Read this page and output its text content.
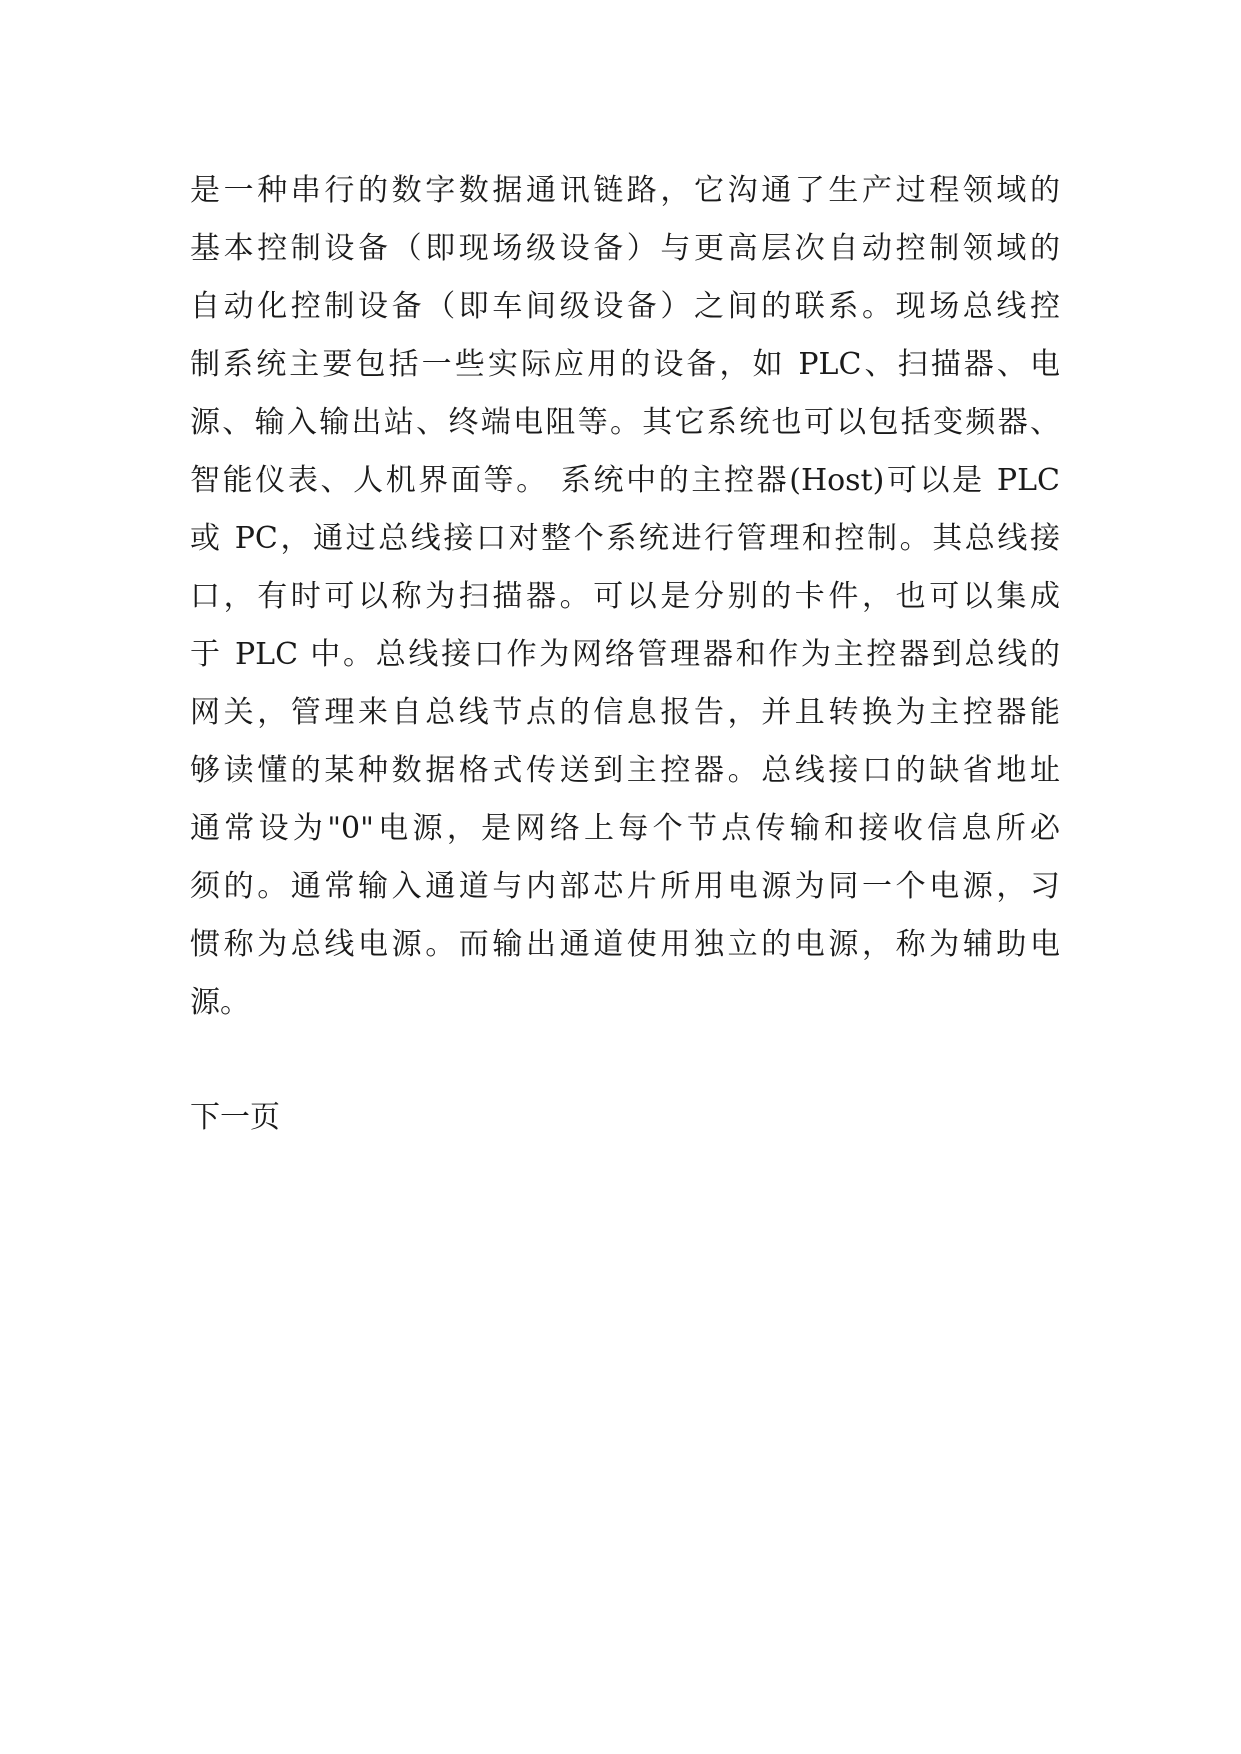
是一种串行的数字数据通讯链路，它沟通了生产过程领域的
基本控制设备（即现场级设备）与更高层次自动控制领域的
自动化控制设备（即车间级设备）之间的联系。现场总线控
制系统主要包括一些实际应用的设备，如 PLC、扫描器、电
源、输入输出站、终端电阻等。其它系统也可以包括变频器、
智能仪表、人机界面等。 系统中的主控器(Host)可以是 PLC
或 PC，通过总线接口对整个系统进行管理和控制。其总线接
口，有时可以称为扫描器。可以是分别的卡件，也可以集成
于 PLC 中。总线接口作为网络管理器和作为主控器到总线的
网关，管理来自总线节点的信息报告，并且转换为主控器能
够读懂的某种数据格式传送到主控器。总线接口的缺省地址
通常设为"0"电源，是网络上每个节点传输和接收信息所必
须的。通常输入通道与内部芯片所用电源为同一个电源，习
惯称为总线电源。而输出通道使用独立的电源，称为辅助电
源。
下一页
